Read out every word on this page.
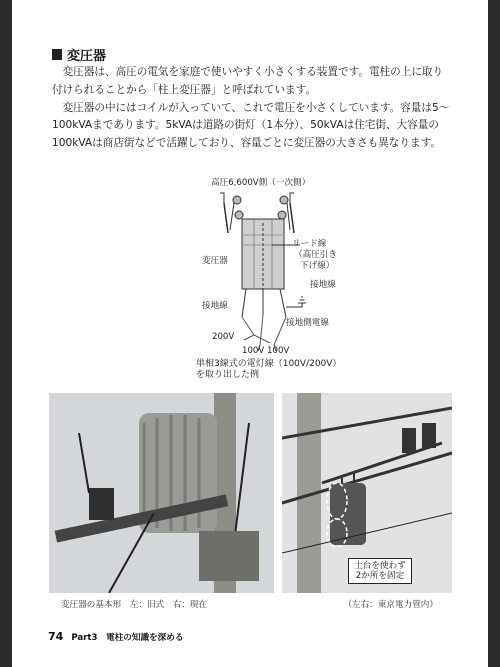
変圧器

変圧器は、高圧の電気を家庭で使いやすく小さくする装置です。電柱の上に取り付けられることから「柱上変圧器」と呼ばれています。

変圧器の中にはコイルが入っていて、これで電圧を小さくしています。容量は5～100kVAまであります。5kVAは道路の街灯（1本分）、50kVAは住宅街、大容量の100kVAは商店街などで活躍しており、容量ごとに変圧器の大きさも異なります。

高圧6,600V側（一次側）
変圧器
リード線
（高圧引き
下げ線）
接地線
接地線
接地側電線
200V
100V 100V
単相3線式の電灯線（100V/200V）
を取り出した例
土台を使わず
2か所を固定
変圧器の基本形　左：旧式　右：現在	（左右：東京電力管内）
74 Part3　電柱の知識を深める
